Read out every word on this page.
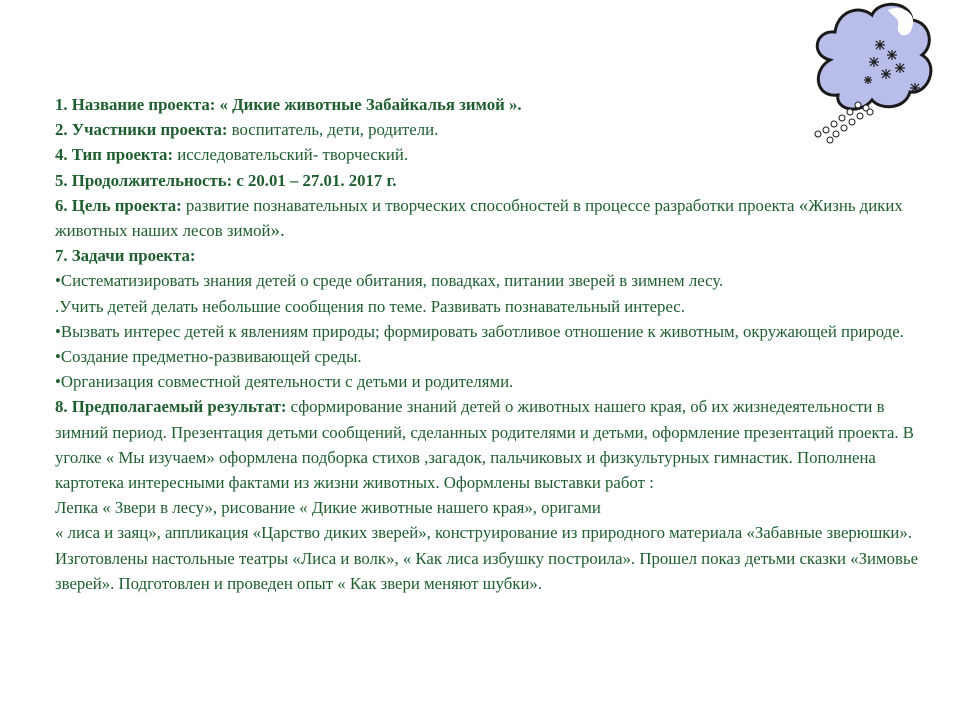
1. Название проекта: « Дикие животные Забайкалья зимой ».

2. Участники проекта: воспитатель, дети, родители.

4. Тип проекта: исследовательский- творческий.

5. Продолжительность: с 20.01 – 27.01. 2017 г.

6. Цель проекта: развитие познавательных и творческих способностей в процессе разработки проекта «Жизнь диких животных наших лесов зимой».

7. Задачи проекта:

•Систематизировать знания детей о среде обитания, повадках, питании зверей в зимнем лесу.

.Учить детей делать небольшие сообщения по теме. Развивать познавательный интерес.

•Вызвать интерес детей к явлениям природы; формировать заботливое отношение к животным, окружающей природе.

•Создание предметно-развивающей среды.

•Организация совместной деятельности с детьми и родителями.

8. Предполагаемый результат: сформирование знаний детей о животных нашего края, об их жизнедеятельности в зимний период. Презентация детьми сообщений, сделанных родителями и детьми, оформление презентаций проекта. В уголке « Мы изучаем» оформлена подборка стихов ,загадок, пальчиковых и физкультурных гимнастик. Пополнена картотека интересными фактами из жизни животных. Оформлены выставки работ :

Лепка « Звери в лесу», рисование « Дикие животные нашего края», оригами

« лиса и заяц», аппликация «Царство диких зверей», конструирование из природного материала «Забавные зверюшки». Изготовлены настольные театры «Лиса и волк», « Как лиса избушку построила». Прошел показ детьми сказки «Зимовье зверей». Подготовлен и проведен опыт « Как звери меняют шубки».
